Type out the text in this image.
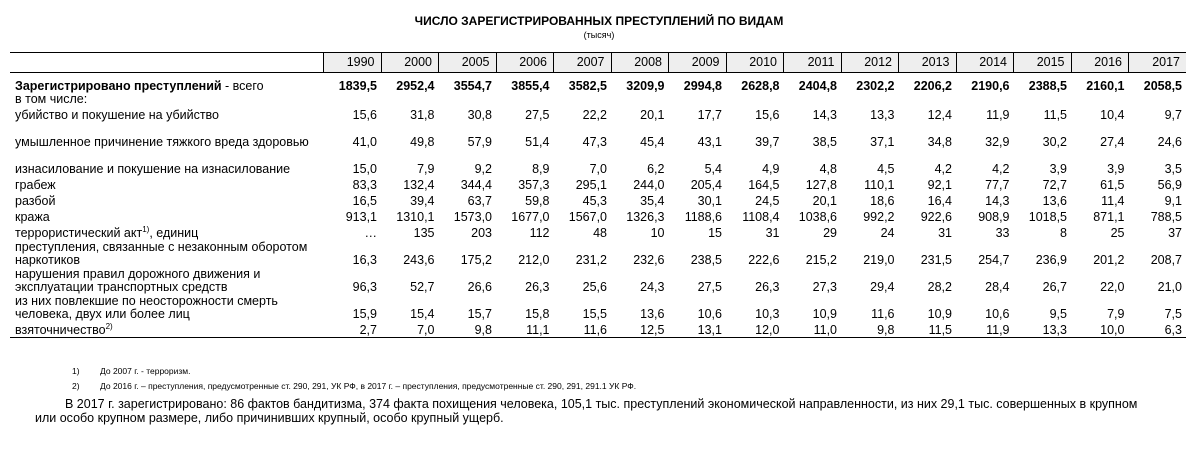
ЧИСЛО ЗАРЕГИСТРИРОВАННЫХ ПРЕСТУПЛЕНИЙ ПО ВИДАМ
(тысяч)
	1990	2000	2005	2006	2007	2008	2009	2010	2011	2012	2013	2014	2015	2016	2017
Зарегистрировано преступлений - всего	1839,5	2952,4	3554,7	3855,4	3582,5	3209,9	2994,8	2628,8	2404,8	2302,2	2206,2	2190,6	2388,5	2160,1	2058,5
в том числе:															
убийство и покушение на убийство	15,6	31,8	30,8	27,5	22,2	20,1	17,7	15,6	14,3	13,3	12,4	11,9	11,5	10,4	9,7
умышленное причинение тяжкого вреда здоровью	41,0	49,8	57,9	51,4	47,3	45,4	43,1	39,7	38,5	37,1	34,8	32,9	30,2	27,4	24,6
изнасилование и покушение на изнасилование	15,0	7,9	9,2	8,9	7,0	6,2	5,4	4,9	4,8	4,5	4,2	4,2	3,9	3,9	3,5
грабеж	83,3	132,4	344,4	357,3	295,1	244,0	205,4	164,5	127,8	110,1	92,1	77,7	72,7	61,5	56,9
разбой	16,5	39,4	63,7	59,8	45,3	35,4	30,1	24,5	20,1	18,6	16,4	14,3	13,6	11,4	9,1
кража	913,1	1310,1	1573,0	1677,0	1567,0	1326,3	1188,6	1108,4	1038,6	992,2	922,6	908,9	1018,5	871,1	788,5
террористический акт$^{1)}$, единиц	…	135	203	112	48	10	15	31	29	24	31	33	8	25	37
преступления, связанные с незаконным оборотом наркотиков	16,3	243,6	175,2	212,0	231,2	232,6	238,5	222,6	215,2	219,0	231,5	254,7	236,9	201,2	208,7
нарушения правил дорожного движения и эксплуатации транспортных средств	96,3	52,7	26,6	26,3	25,6	24,3	27,5	26,3	27,3	29,4	28,2	28,4	26,7	22,0	21,0
из них повлекшие по неосторожности смерть человека, двух или более лиц	15,9	15,4	15,7	15,8	15,5	13,6	10,6	10,3	10,9	11,6	10,9	10,6	9,5	7,9	7,5
взяточничество$^{2)}$	2,7	7,0	9,8	11,1	11,6	12,5	13,1	12,0	11,0	9,8	11,5	11,9	13,3	10,0	6,3
1)	До 2007 г. - терроризм.
2)	До 2016 г. – преступления, предусмотренные ст. 290, 291, УК РФ, в 2017 г. – преступления, предусмотренные ст. 290, 291, 291.1 УК РФ.
В 2017 г. зарегистрировано: 86 фактов бандитизма, 374 факта похищения человека, 105,1 тыс. преступлений экономической направленности, из них 29,1 тыс. совершенных в крупном или особо крупном размере, либо причинивших крупный, особо крупный ущерб.
